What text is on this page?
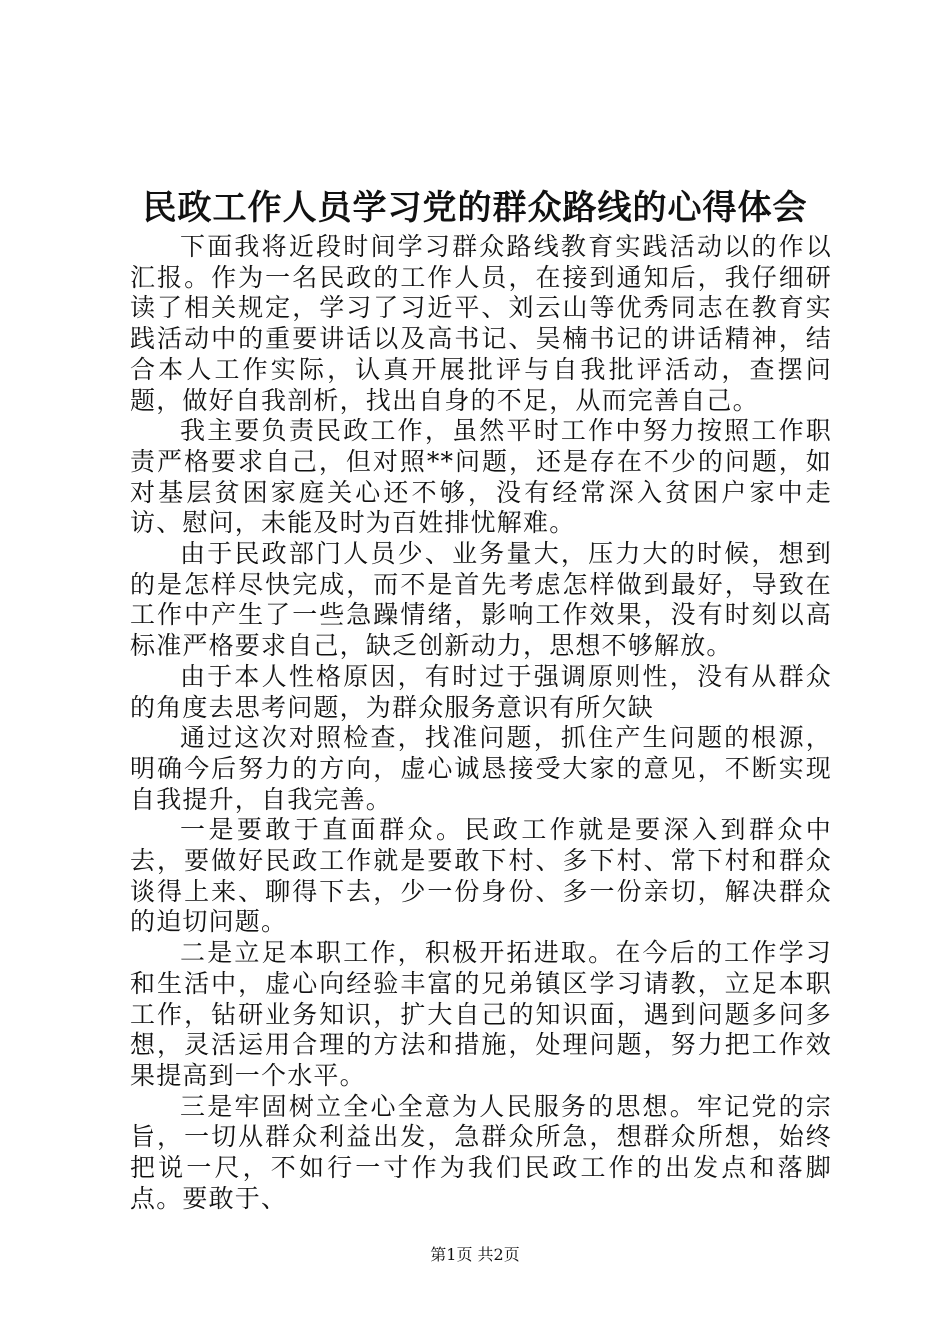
民政工作人员学习党的群众路线的心得体会

下面我将近段时间学习群众路线教育实践活动以的作以汇报。作为一名民政的工作人员，在接到通知后，我仔细研读了相关规定，学习了习近平、刘云山等优秀同志在教育实践活动中的重要讲话以及高书记、吴楠书记的讲话精神，结合本人工作实际，认真开展批评与自我批评活动，查摆问题，做好自我剖析，找出自身的不足，从而完善自己。

我主要负责民政工作，虽然平时工作中努力按照工作职责严格要求自己，但对照**问题，还是存在不少的问题，如对基层贫困家庭关心还不够，没有经常深入贫困户家中走访、慰问，未能及时为百姓排忧解难。

由于民政部门人员少、业务量大，压力大的时候，想到的是怎样尽快完成，而不是首先考虑怎样做到最好，导致在工作中产生了一些急躁情绪，影响工作效果，没有时刻以高标准严格要求自己，缺乏创新动力，思想不够解放。

由于本人性格原因，有时过于强调原则性，没有从群众的角度去思考问题，为群众服务意识有所欠缺

通过这次对照检查，找准问题，抓住产生问题的根源，明确今后努力的方向，虚心诚恳接受大家的意见，不断实现自我提升，自我完善。

一是要敢于直面群众。民政工作就是要深入到群众中去，要做好民政工作就是要敢下村、多下村、常下村和群众谈得上来、聊得下去，少一份身份、多一份亲切，解决群众的迫切问题。

二是立足本职工作，积极开拓进取。在今后的工作学习和生活中，虚心向经验丰富的兄弟镇区学习请教，立足本职工作，钻研业务知识，扩大自己的知识面，遇到问题多问多想，灵活运用合理的方法和措施，处理问题，努力把工作效果提高到一个水平。

三是牢固树立全心全意为人民服务的思想。牢记党的宗旨，一切从群众利益出发，急群众所急，想群众所想，始终把说一尺，不如行一寸作为我们民政工作的出发点和落脚点。要敢于、

第1页 共2页
